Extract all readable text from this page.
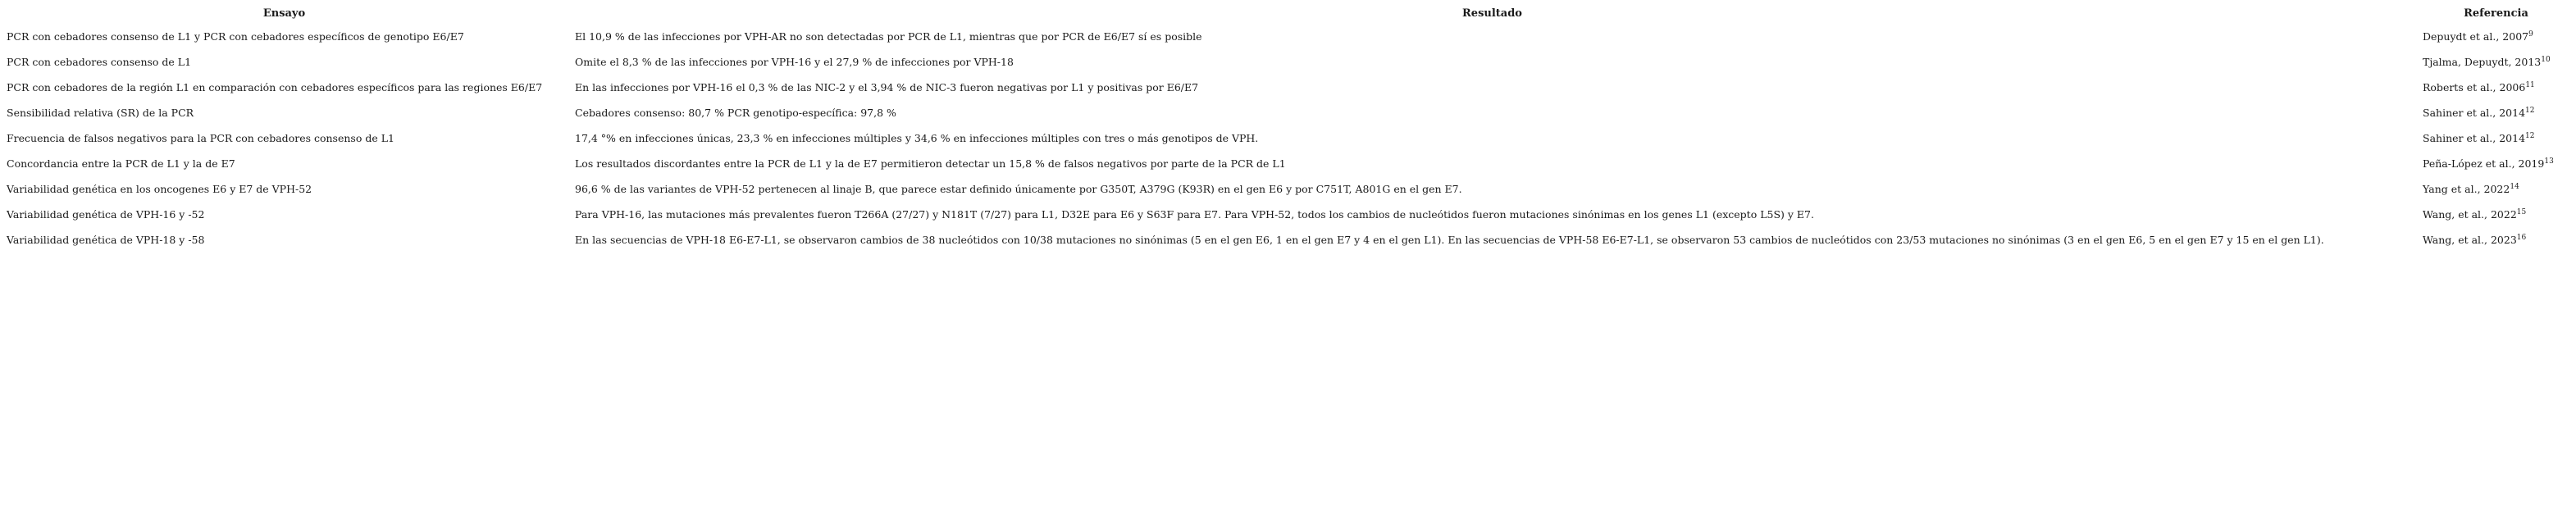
Ensayo	Resultado	Referencia
PCR con cebadores consenso de L1 y PCR con cebadores específicos de genotipo E6/E7	El 10,9 % de las infecciones por VPH-AR no son detectadas por PCR de L1, mientras que por PCR de E6/E7 sí es posible	Depuydt et al., 2007$^9$
PCR con cebadores consenso de L1	Omite el 8,3 % de las infecciones por VPH-16 y el 27,9 % de infecciones por VPH-18	Tjalma, Depuydt, 2013$^{10}$
PCR con cebadores de la región L1 en comparación con cebadores específicos para las regiones E6/E7	En las infecciones por VPH-16 el 0,3 % de las NIC-2 y el 3,94 % de NIC-3 fueron negativas por L1 y positivas por E6/E7	Roberts et al., 2006$^{11}$
Sensibilidad relativa (SR) de la PCR	Cebadores consenso: 80,7 % PCR genotipo-específica: 97,8 %	Sahiner et al., 2014$^{12}$
Frecuencia de falsos negativos para la PCR con cebadores consenso de L1	17,4 °% en infecciones únicas, 23,3 % en infecciones múltiples y 34,6 % en infecciones múltiples con tres o más genotipos de VPH.	Sahiner et al., 2014$^{12}$
Concordancia entre la PCR de L1 y la de E7	Los resultados discordantes entre la PCR de L1 y la de E7 permitieron detectar un 15,8 % de falsos negativos por parte de la PCR de L1	Peña-López et al., 2019$^{13}$
Variabilidad genética en los oncogenes E6 y E7 de VPH-52	96,6 % de las variantes de VPH-52 pertenecen al linaje B, que parece estar definido únicamente por G350T, A379G (K93R) en el gen E6 y por C751T, A801G en el gen E7.	Yang et al., 2022$^{14}$
Variabilidad genética de VPH-16 y -52	Para VPH-16, las mutaciones más prevalentes fueron T266A (27/27) y N181T (7/27) para L1, D32E para E6 y S63F para E7. Para VPH-52, todos los cambios de nucleótidos fueron mutaciones sinónimas en los genes L1 (excepto L5S) y E7.	Wang, et al., 2022$^{15}$
Variabilidad genética de VPH-18 y -58	En las secuencias de VPH-18 E6-E7-L1, se observaron cambios de 38 nucleótidos con 10/38 mutaciones no sinónimas (5 en el gen E6, 1 en el gen E7 y 4 en el gen L1). En las secuencias de VPH-58 E6-E7-L1, se observaron 53 cambios de nucleótidos con 23/53 mutaciones no sinónimas (3 en el gen E6, 5 en el gen E7 y 15 en el gen L1).	Wang, et al., 2023$^{16}$
